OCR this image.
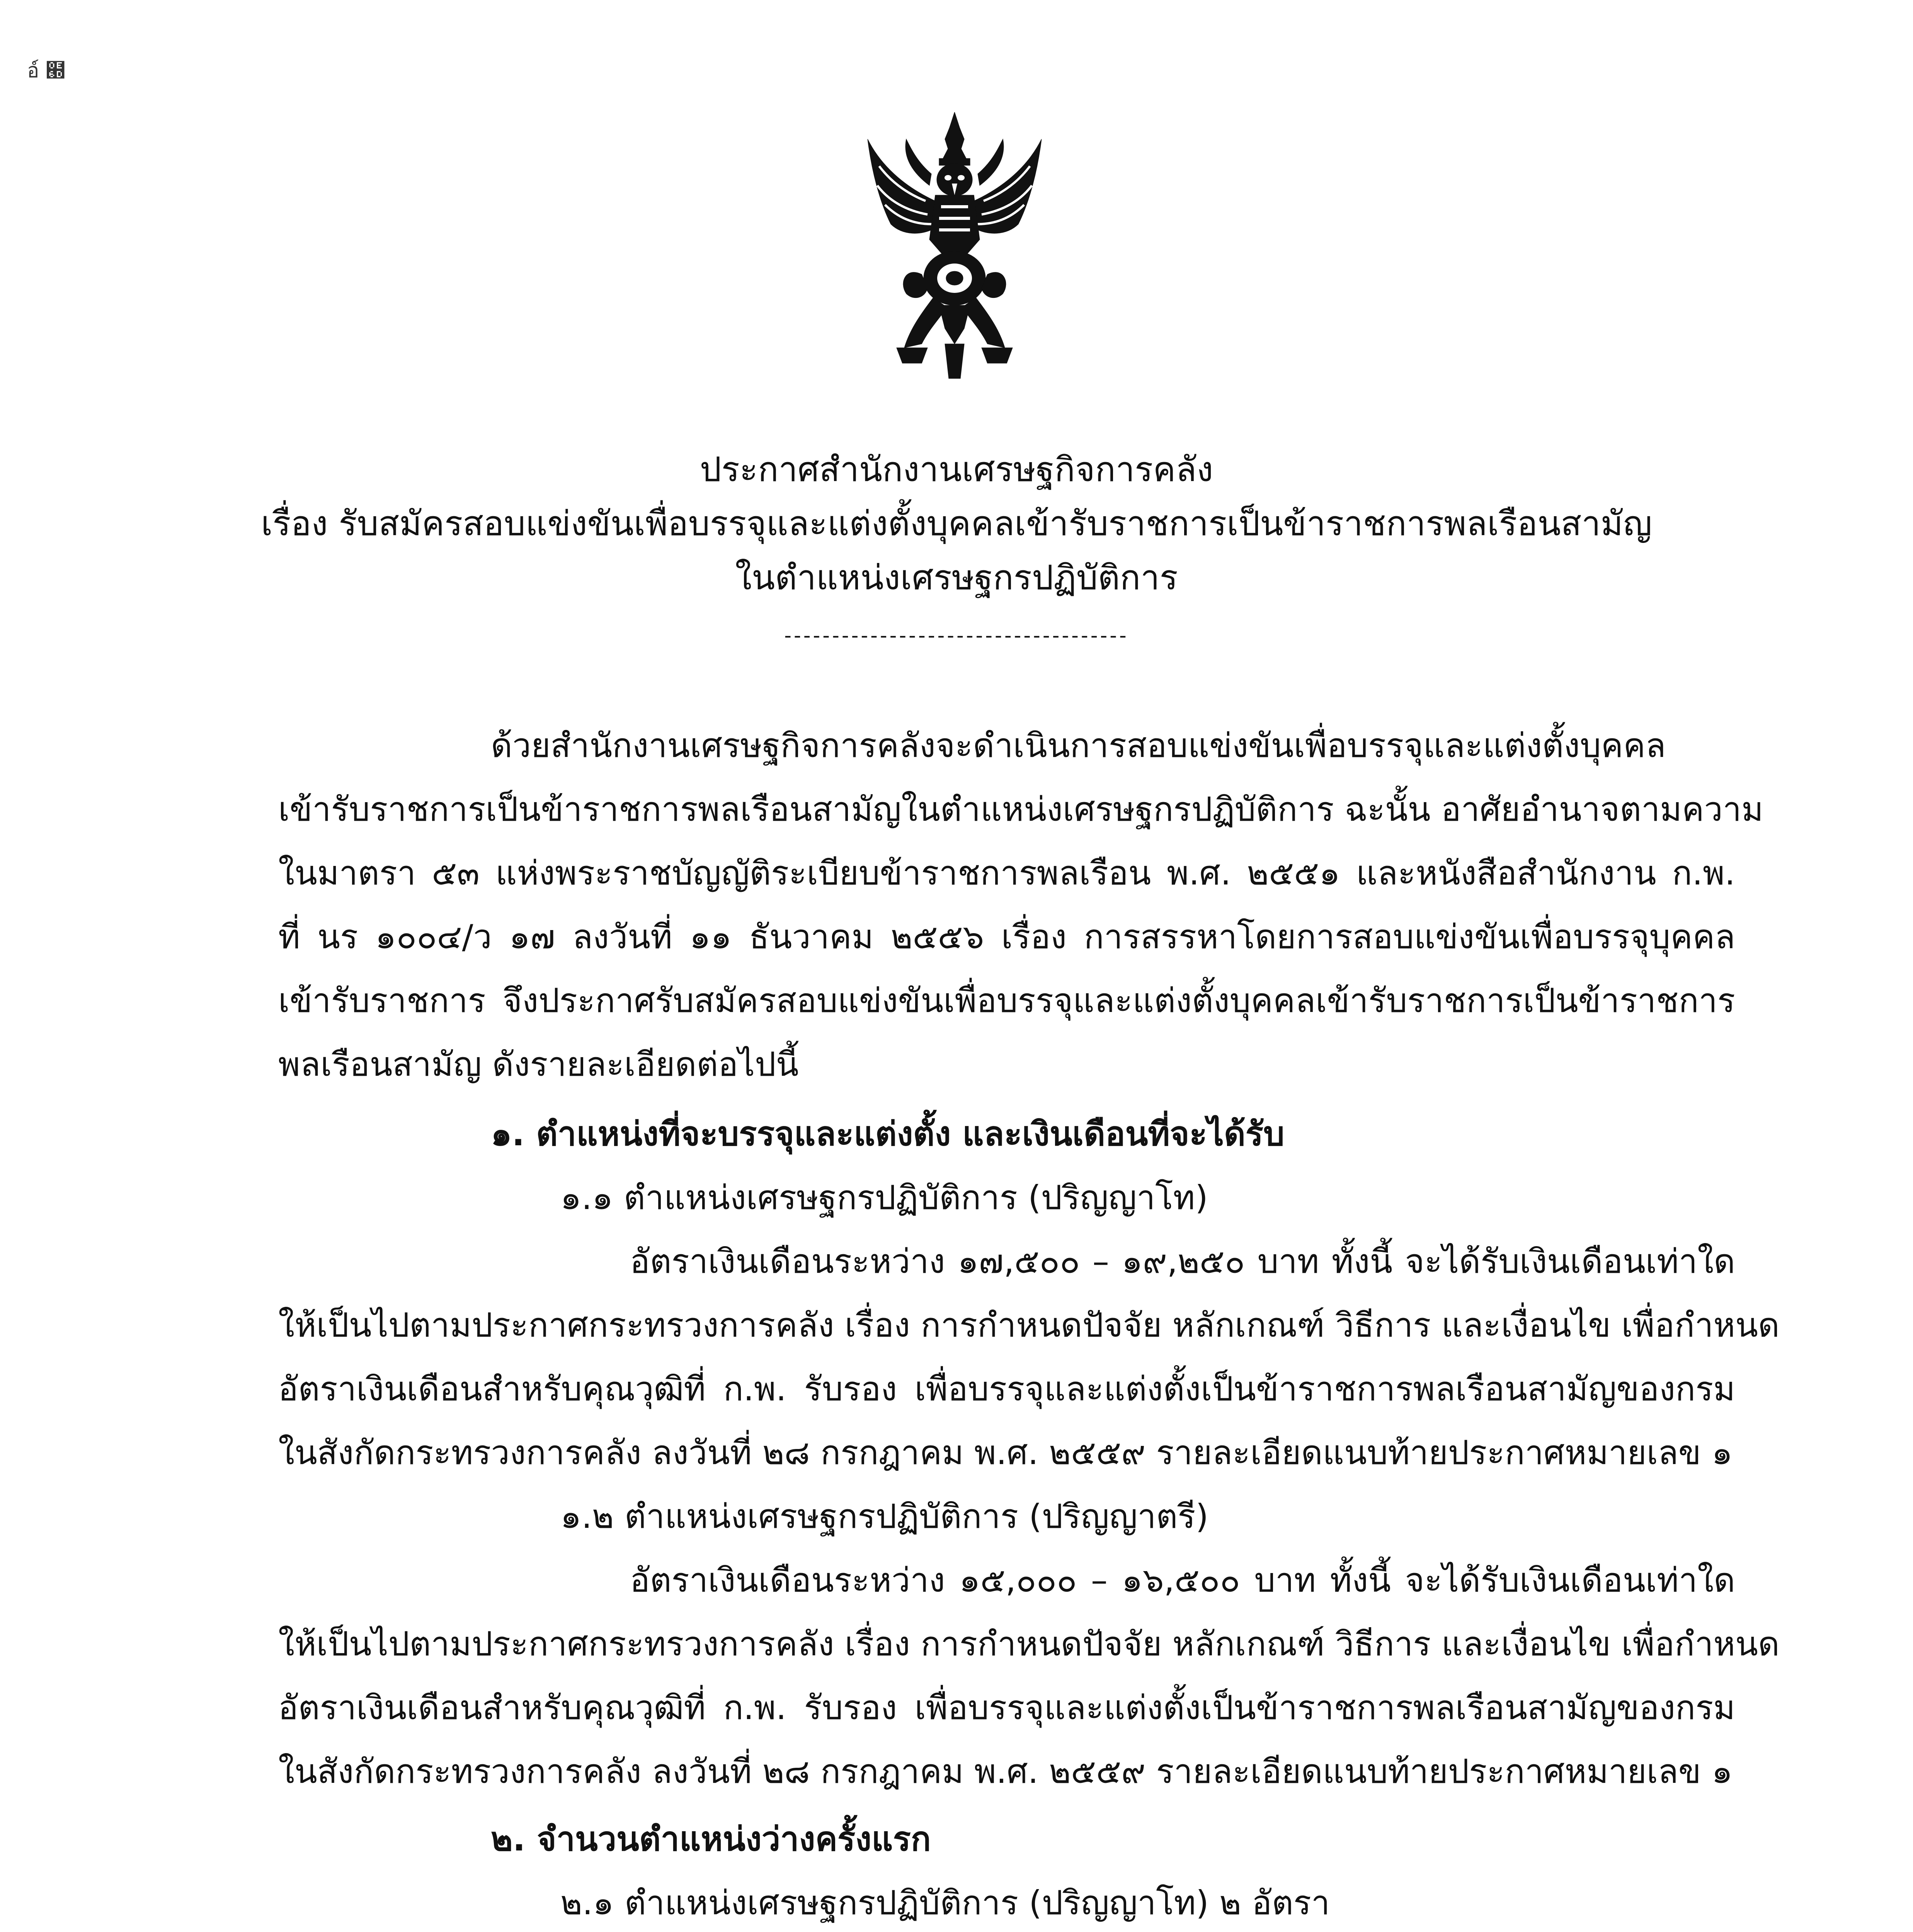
อ์ ๭
ประกาศสำนักงานเศรษฐกิจการคลัง
เรื่อง รับสมัครสอบแข่งขันเพื่อบรรจุและแต่งตั้งบุคคลเข้ารับราชการเป็นข้าราชการพลเรือนสามัญ
ในตำแหน่งเศรษฐกรปฏิบัติการ
------------------------------------
ด้วยสำนักงานเศรษฐกิจการคลังจะดำเนินการสอบแข่งขันเพื่อบรรจุและแต่งตั้งบุคคล
เข้ารับราชการเป็นข้าราชการพลเรือนสามัญในตำแหน่งเศรษฐกรปฏิบัติการ ฉะนั้น อาศัยอำนาจตามความ
ในมาตรา ๕๓ แห่งพระราชบัญญัติระเบียบข้าราชการพลเรือน พ.ศ. ๒๕๕๑ และหนังสือสำนักงาน ก.พ.
ที่ นร ๑๐๐๔/ว ๑๗ ลงวันที่ ๑๑ ธันวาคม ๒๕๕๖ เรื่อง การสรรหาโดยการสอบแข่งขันเพื่อบรรจุบุคคล
เข้ารับราชการ จึงประกาศรับสมัครสอบแข่งขันเพื่อบรรจุและแต่งตั้งบุคคลเข้ารับราชการเป็นข้าราชการ
พลเรือนสามัญ ดังรายละเอียดต่อไปนี้
๑. ตำแหน่งที่จะบรรจุและแต่งตั้ง และเงินเดือนที่จะได้รับ
๑.๑ ตำแหน่งเศรษฐกรปฏิบัติการ (ปริญญาโท)
อัตราเงินเดือนระหว่าง ๑๗,๕๐๐ – ๑๙,๒๕๐ บาท ทั้งนี้ จะได้รับเงินเดือนเท่าใด
ให้เป็นไปตามประกาศกระทรวงการคลัง เรื่อง การกำหนดปัจจัย หลักเกณฑ์ วิธีการ และเงื่อนไข เพื่อกำหนด
อัตราเงินเดือนสำหรับคุณวุฒิที่ ก.พ. รับรอง เพื่อบรรจุและแต่งตั้งเป็นข้าราชการพลเรือนสามัญของกรม
ในสังกัดกระทรวงการคลัง ลงวันที่ ๒๘ กรกฎาคม พ.ศ. ๒๕๕๙ รายละเอียดแนบท้ายประกาศหมายเลข ๑
๑.๒ ตำแหน่งเศรษฐกรปฏิบัติการ (ปริญญาตรี)
อัตราเงินเดือนระหว่าง ๑๕,๐๐๐ – ๑๖,๕๐๐ บาท ทั้งนี้ จะได้รับเงินเดือนเท่าใด
ให้เป็นไปตามประกาศกระทรวงการคลัง เรื่อง การกำหนดปัจจัย หลักเกณฑ์ วิธีการ และเงื่อนไข เพื่อกำหนด
อัตราเงินเดือนสำหรับคุณวุฒิที่ ก.พ. รับรอง เพื่อบรรจุและแต่งตั้งเป็นข้าราชการพลเรือนสามัญของกรม
ในสังกัดกระทรวงการคลัง ลงวันที่ ๒๘ กรกฎาคม พ.ศ. ๒๕๕๙ รายละเอียดแนบท้ายประกาศหมายเลข ๑
๒. จำนวนตำแหน่งว่างครั้งแรก
๒.๑ ตำแหน่งเศรษฐกรปฏิบัติการ (ปริญญาโท) ๒ อัตรา
